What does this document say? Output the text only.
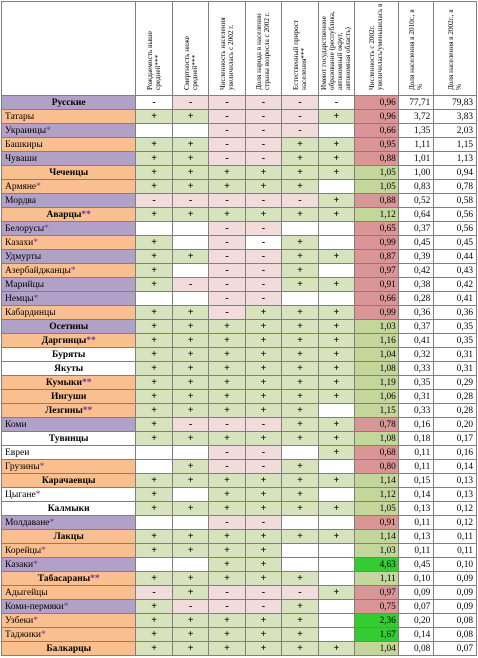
	Рождаемость выше средней***	Смертность ниже средней***	Численность населения увеличилась с 2002 г.	Доля народа в населении страны возросла с 2002 г.	Естественный прирост населения***	Имеют государственное образование (республика, автономный округ, автономная область)	Численность с 2002г. увеличилась/уменьшилась в	Доля населения в 2010г., в %	Доля населения в 2002г., в %
Русские	-	-	-	-	-	-	0,96	77,71	79,83
Татары	+	+	-	-	-	+	0,96	3,72	3,83
Украинцы*			-	-	-		0,66	1,35	2,03
Башкиры	+	+	-	-	+	+	0,95	1,11	1,15
Чуваши	+	+	-	-	+	+	0,88	1,01	1,13
Чеченцы	+	+	+	+	+	+	1,05	1,00	0,94
Армяне*	+	+	+	+	+		1,05	0,83	0,78
Мордва	-	-	-	-	-	+	0,88	0,52	0,58
Аварцы**	+	+	+	+	+	+	1,12	0,64	0,56
Белорусы*			-	-			0,65	0,37	0,56
Казахи*	+		-	-	+		0,99	0,45	0,45
Удмурты	+	+	-	-	+	+	0,87	0,39	0,44
Азербайджанцы*	+		-	-	+		0,97	0,42	0,43
Марийцы	+	-	-	-	+	+	0,91	0,38	0,42
Немцы*			-	-			0,66	0,28	0,41
Кабардинцы	+	+	-	+	+	+	0,99	0,36	0,36
Осетины	+	+	+	+	+	+	1,03	0,37	0,35
Даргинцы**	+	+	+	+	+	+	1,16	0,41	0,35
Буряты	+	+	+	+	+	+	1,04	0,32	0,31
Якуты	+	+	+	+	+	+	1,08	0,33	0,31
Кумыки**	+	+	+	+	+	+	1,19	0,35	0,29
Ингуши	+	+	+	+	+	+	1,06	0,31	0,28
Лезгины**	+	+	+	+	+		1,15	0,33	0,28
Коми	+	-	-	-	+	+	0,78	0,16	0,20
Тувинцы	+	+	+	+	+	+	1,08	0,18	0,17
Евреи			-	-		+	0,68	0,11	0,16
Грузины*		+	-	-	+		0,80	0,11	0,14
Карачаевцы	+	+	+	+	+	+	1,14	0,15	0,13
Цыгане*	+		+	+	+		1,12	0,14	0,13
Калмыки	+	+	+	+	+	+	1,05	0,13	0,12
Молдаване*			-	-			0,91	0,11	0,12
Лакцы	+	+	+	+	+	+	1,14	0,13	0,11
Корейцы*	+	+	+	+			1,03	0,11	0,11
Казаки*			+	+			4,63	0,45	0,10
Табасараны**	+	+	+	+	+		1,11	0,10	0,09
Адыгейцы	-	+	-	-	-	+	0,97	0,09	0,09
Коми-пермяки*	+	-	-	-	+		0,75	0,07	0,09
Узбеки*	+	+	+	+	+		2,36	0,20	0,08
Таджики*	+	+	+	+	+		1,67	0,14	0,08
Балкарцы	+	+	+	+	+	+	1,04	0,08	0,07
